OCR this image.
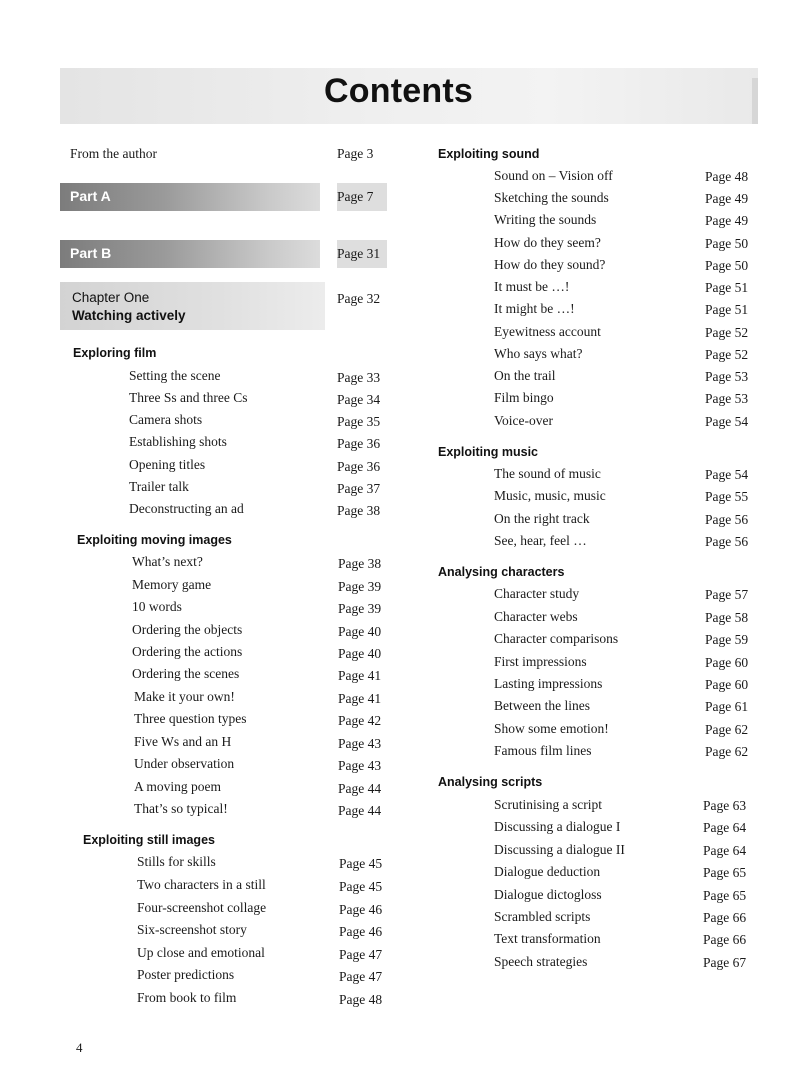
Contents
From the author	Page 3
Part A	Page 7
Part B	Page 31
Chapter One
Watching actively
Page 32
Exploring film
Setting the scene	Page 33
Three Ss and three Cs	Page 34
Camera shots	Page 35
Establishing shots	Page 36
Opening titles	Page 36
Trailer talk	Page 37
Deconstructing an ad	Page 38
Exploiting moving images
What’s next?	Page 38
Memory game	Page 39
10 words	Page 39
Ordering the objects	Page 40
Ordering the actions	Page 40
Ordering the scenes	Page 41
Make it your own!	Page 41
Three question types	Page 42
Five Ws and an H	Page 43
Under observation	Page 43
A moving poem	Page 44
That’s so typical!	Page 44
Exploiting still images
Stills for skills	Page 45
Two characters in a still	Page 45
Four-screenshot collage	Page 46
Six-screenshot story	Page 46
Up close and emotional	Page 47
Poster predictions	Page 47
From book to film	Page 48
Exploiting sound
Sound on – Vision off	Page 48
Sketching the sounds	Page 49
Writing the sounds	Page 49
How do they seem?	Page 50
How do they sound?	Page 50
It must be …!	Page 51
It might be …!	Page 51
Eyewitness account	Page 52
Who says what?	Page 52
On the trail	Page 53
Film bingo	Page 53
Voice-over	Page 54
Exploiting music
The sound of music	Page 54
Music, music, music	Page 55
On the right track	Page 56
See, hear, feel …	Page 56
Analysing characters
Character study	Page 57
Character webs	Page 58
Character comparisons	Page 59
First impressions	Page 60
Lasting impressions	Page 60
Between the lines	Page 61
Show some emotion!	Page 62
Famous film lines	Page 62
Analysing scripts
Scrutinising a script	Page 63
Discussing a dialogue I	Page 64
Discussing a dialogue II	Page 64
Dialogue deduction	Page 65
Dialogue dictogloss	Page 65
Scrambled scripts	Page 66
Text transformation	Page 66
Speech strategies	Page 67
4
